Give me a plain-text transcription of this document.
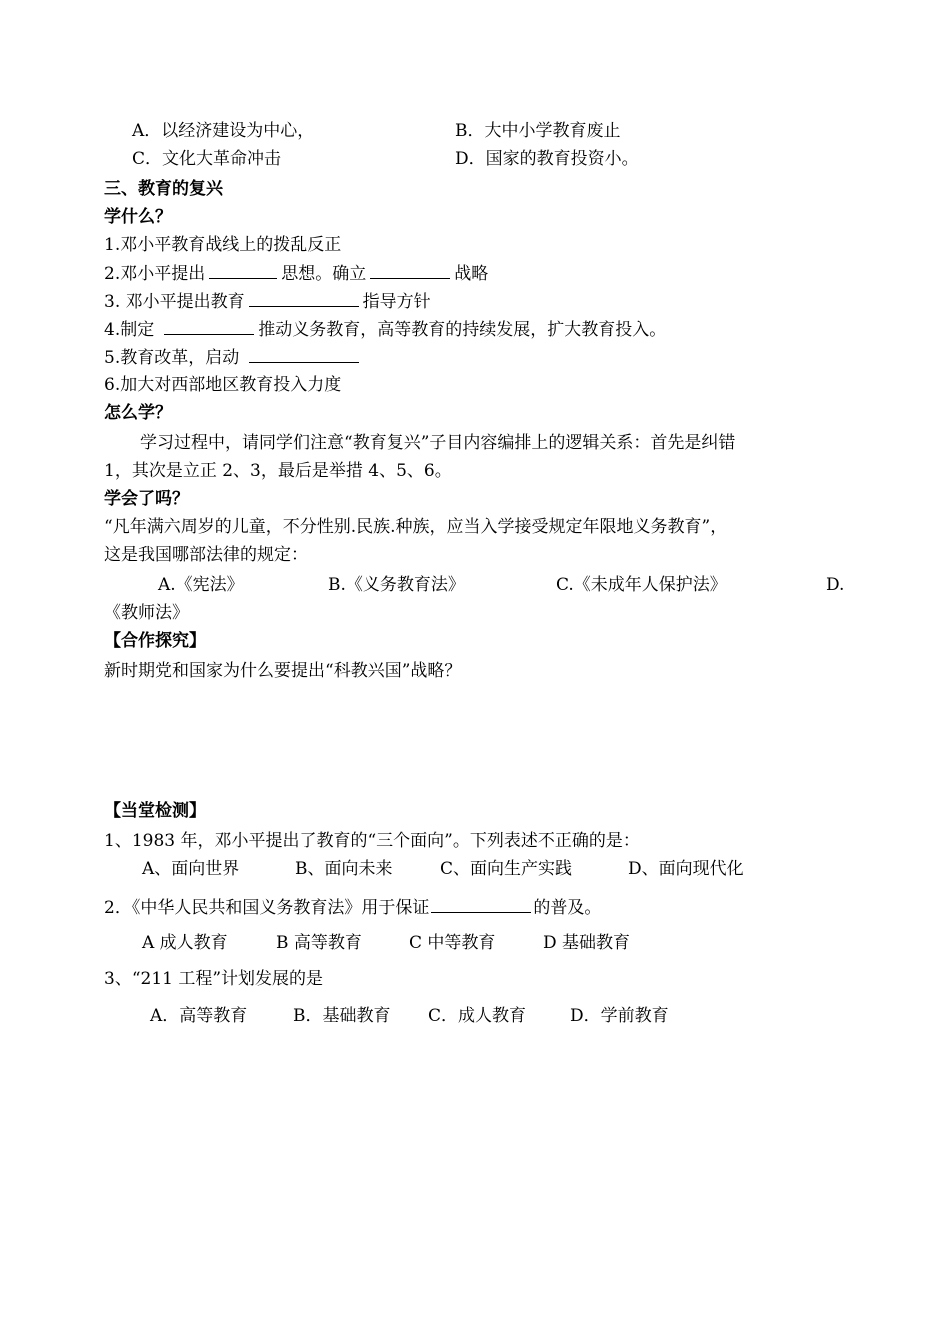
A．以经济建设为中心，	B．大中小学教育废止
C．文化大革命冲击	D．国家的教育投资小。
三、教育的复兴
学什么？
1.邓小平教育战线上的拨乱反正
2.邓小平提出	思想。确立	战略
3. 邓小平提出教育	指导方针
4.制定	推动义务教育，高等教育的持续发展，扩大教育投入。
5.教育改革，启动
6.加大对西部地区教育投入力度
怎么学？
学习过程中，请同学们注意“教育复兴”子目内容编排上的逻辑关系：首先是纠错
1，其次是立正 2、3，最后是举措 4、5、6。
学会了吗？
“凡年满六周岁的儿童，不分性别.民族.种族，应当入学接受规定年限地义务教育”，
这是我国哪部法律的规定：
A.《宪法》	B.《义务教育法》	C.《未成年人保护法》	D.
《教师法》
【合作探究】
新时期党和国家为什么要提出“科教兴国”战略？
【当堂检测】
1、1983 年，邓小平提出了教育的“三个面向”。下列表述不正确的是：
A、面向世界	B、面向未来	C、面向生产实践	D、面向现代化
2．《中华人民共和国义务教育法》用于保证	的普及。
A 成人教育	B 高等教育	C 中等教育	D 基础教育
3、“211 工程”计划发展的是
A．高等教育	B．基础教育 C．成人教育	D．学前教育
